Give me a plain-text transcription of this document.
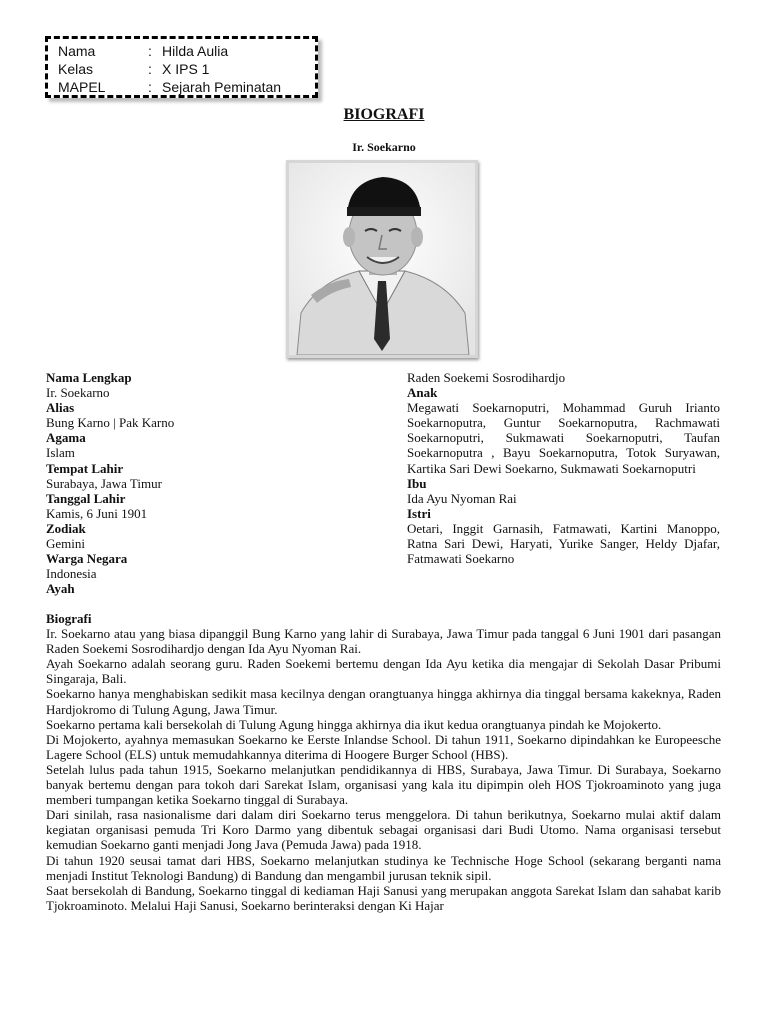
Nama	: Hilda Aulia
Kelas	: X IPS 1
MAPEL	: Sejarah Peminatan
BIOGRAFI
Ir. Soekarno
Nama Lengkap
Ir. Soekarno
Alias
Bung Karno | Pak Karno
Agama
Islam
Tempat Lahir
Surabaya, Jawa Timur
Tanggal Lahir
Kamis, 6 Juni 1901
Zodiak
Gemini
Warga Negara
Indonesia
Ayah
Raden Soekemi Sosrodihardjo
Anak
Megawati Soekarnoputri, Mohammad Guruh Irianto Soekarnoputra, Guntur Soekarnoputra, Rachmawati Soekarnoputri, Sukmawati Soekarnoputri, Taufan Soekarnoputra , Bayu Soekarnoputra, Totok Suryawan, Kartika Sari Dewi Soekarno, Sukmawati Soekarnoputri
Ibu
Ida Ayu Nyoman Rai
Istri
Oetari, Inggit Garnasih, Fatmawati, Kartini Manoppo, Ratna Sari Dewi, Haryati, Yurike Sanger, Heldy Djafar, Fatmawati Soekarno

Biografi

Ir. Soekarno atau yang biasa dipanggil Bung Karno yang lahir di Surabaya, Jawa Timur pada tanggal 6 Juni 1901 dari pasangan Raden Soekemi Sosrodihardjo dengan Ida Ayu Nyoman Rai.

Ayah Soekarno adalah seorang guru. Raden Soekemi bertemu dengan Ida Ayu ketika dia mengajar di Sekolah Dasar Pribumi Singaraja, Bali.

Soekarno hanya menghabiskan sedikit masa kecilnya dengan orangtuanya hingga akhirnya dia tinggal bersama kakeknya, Raden Hardjokromo di Tulung Agung, Jawa Timur.

Soekarno pertama kali bersekolah di Tulung Agung hingga akhirnya dia ikut kedua orangtuanya pindah ke Mojokerto.

Di Mojokerto, ayahnya memasukan Soekarno ke Eerste Inlandse School. Di tahun 1911, Soekarno dipindahkan ke Europeesche Lagere School (ELS) untuk memudahkannya diterima di Hoogere Burger School (HBS).

Setelah lulus pada tahun 1915, Soekarno melanjutkan pendidikannya di HBS, Surabaya, Jawa Timur. Di Surabaya, Soekarno banyak bertemu dengan para tokoh dari Sarekat Islam, organisasi yang kala itu dipimpin oleh HOS Tjokroaminoto yang juga memberi tumpangan ketika Soekarno tinggal di Surabaya.

Dari sinilah, rasa nasionalisme dari dalam diri Soekarno terus menggelora. Di tahun berikutnya, Soekarno mulai aktif dalam kegiatan organisasi pemuda Tri Koro Darmo yang dibentuk sebagai organisasi dari Budi Utomo. Nama organisasi tersebut kemudian Soekarno ganti menjadi Jong Java (Pemuda Jawa) pada 1918.

Di tahun 1920 seusai tamat dari HBS, Soekarno melanjutkan studinya ke Technische Hoge School (sekarang berganti nama menjadi Institut Teknologi Bandung) di Bandung dan mengambil jurusan teknik sipil.

Saat bersekolah di Bandung, Soekarno tinggal di kediaman Haji Sanusi yang merupakan anggota Sarekat Islam dan sahabat karib Tjokroaminoto. Melalui Haji Sanusi, Soekarno berinteraksi dengan Ki Hajar
